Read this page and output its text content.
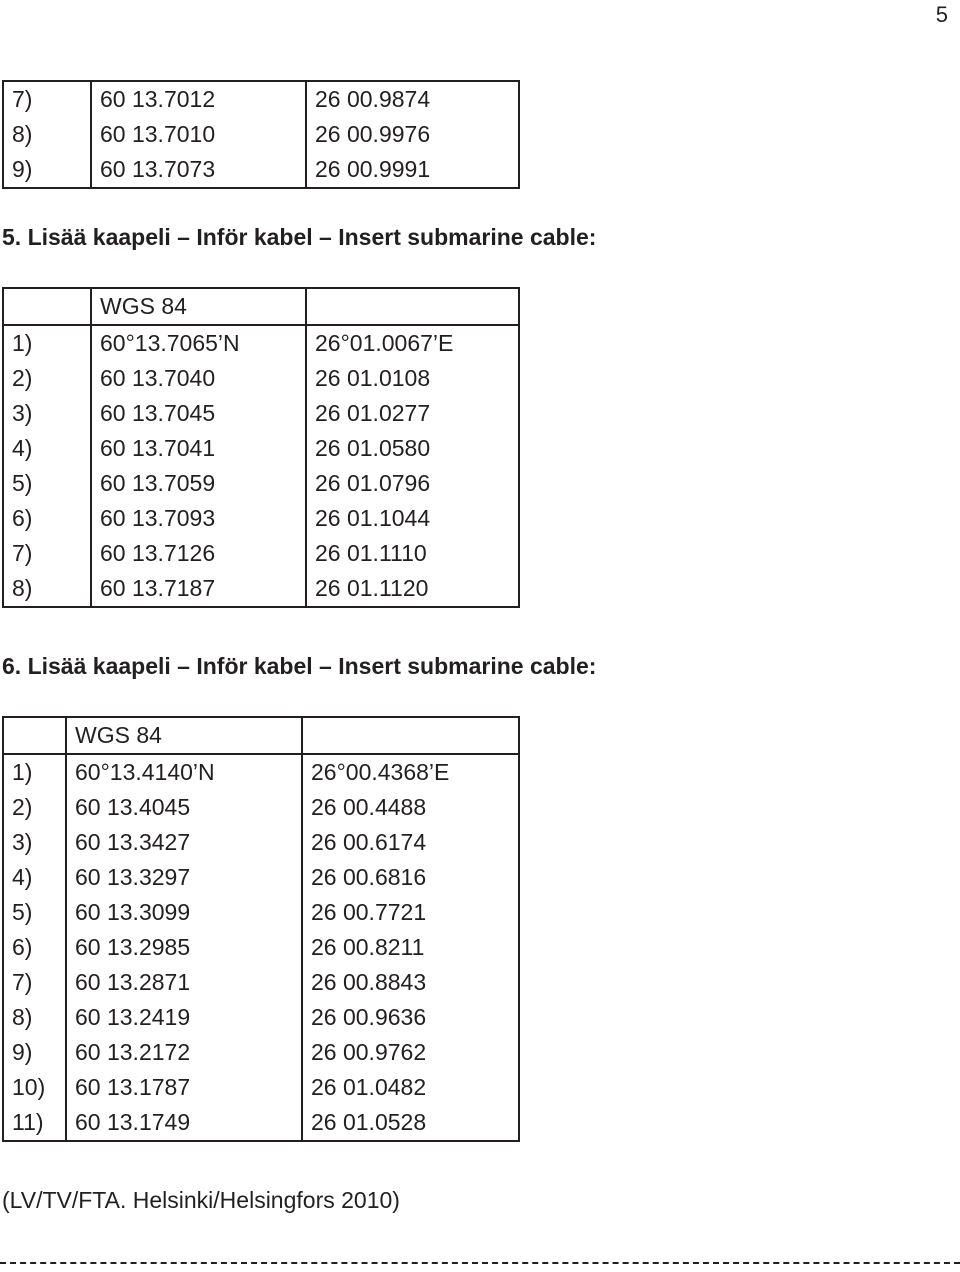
5
7)	60 13.7012	26 00.9874
8)	60 13.7010	26 00.9976
9)	60 13.7073	26 00.9991
5. Lisää kaapeli – Inför kabel – Insert submarine cable:
	WGS 84	
1)	60°13.7065’N	26°01.0067’E
2)	60 13.7040	26 01.0108
3)	60 13.7045	26 01.0277
4)	60 13.7041	26 01.0580
5)	60 13.7059	26 01.0796
6)	60 13.7093	26 01.1044
7)	60 13.7126	26 01.1110
8)	60 13.7187	26 01.1120
6. Lisää kaapeli – Inför kabel – Insert submarine cable:
	WGS 84	
1)	60°13.4140’N	26°00.4368’E
2)	60 13.4045	26 00.4488
3)	60 13.3427	26 00.6174
4)	60 13.3297	26 00.6816
5)	60 13.3099	26 00.7721
6)	60 13.2985	26 00.8211
7)	60 13.2871	26 00.8843
8)	60 13.2419	26 00.9636
9)	60 13.2172	26 00.9762
10)	60 13.1787	26 01.0482
11)	60 13.1749	26 01.0528
(LV/TV/FTA. Helsinki/Helsingfors 2010)
